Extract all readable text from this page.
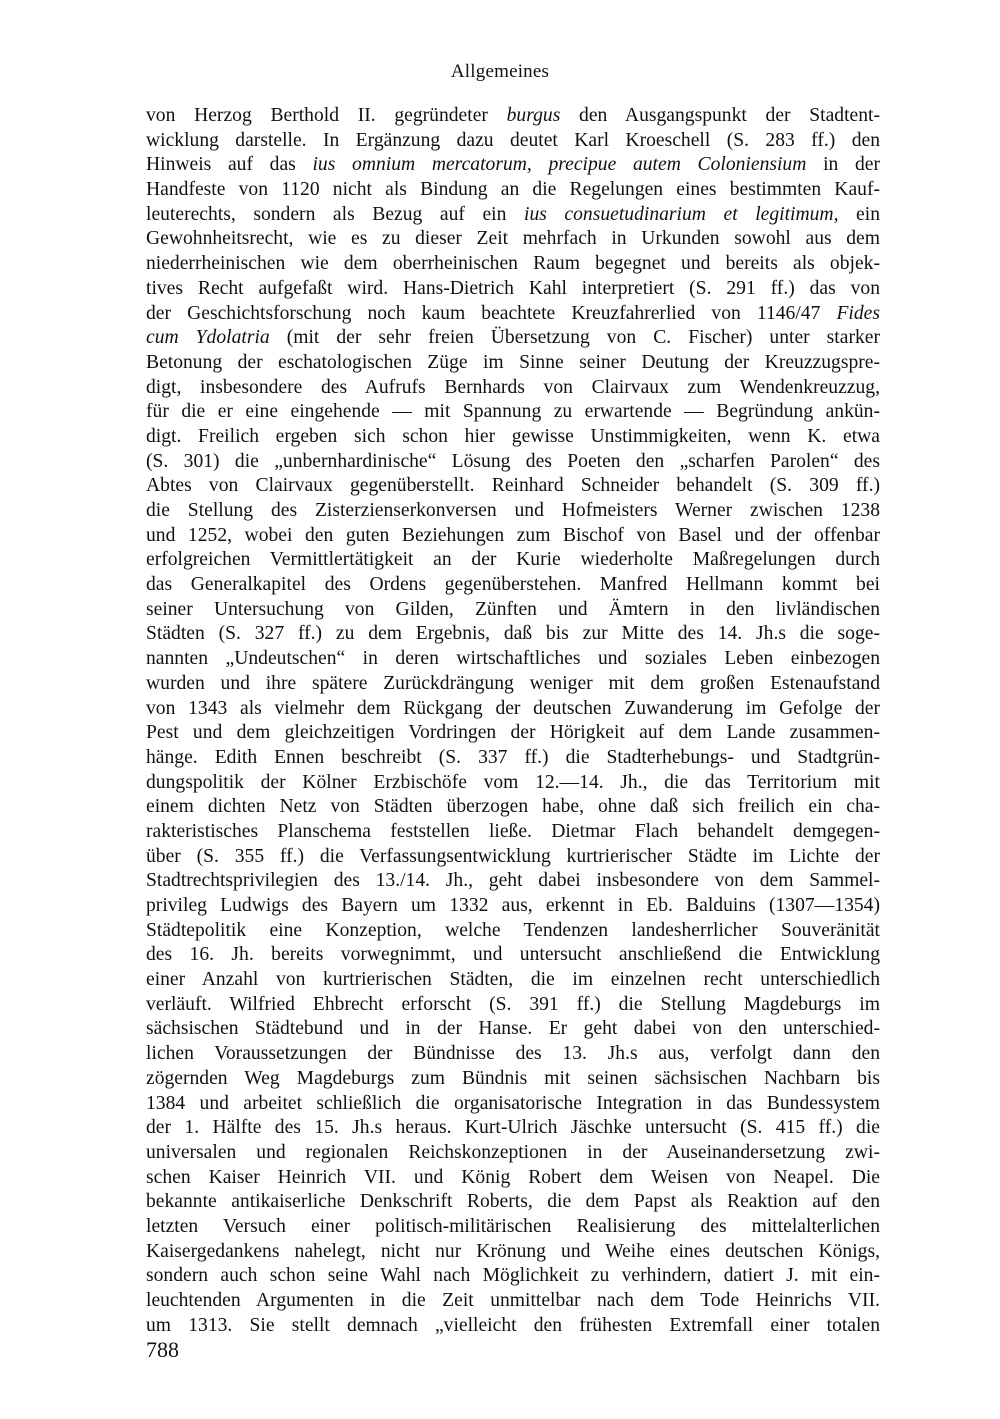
Allgemeines
von Herzog Berthold II. gegründeter burgus den Ausgangspunkt der Stadtent-
wicklung darstelle. In Ergänzung dazu deutet Karl Kroeschell (S. 283 ff.) den
Hinweis auf das ius omnium mercatorum, precipue autem Coloniensium in der
Handfeste von 1120 nicht als Bindung an die Regelungen eines bestimmten Kauf-
leuterechts, sondern als Bezug auf ein ius consuetudinarium et legitimum, ein
Gewohnheitsrecht, wie es zu dieser Zeit mehrfach in Urkunden sowohl aus dem
niederrheinischen wie dem oberrheinischen Raum begegnet und bereits als objek-
tives Recht aufgefaßt wird. Hans-Dietrich Kahl interpretiert (S. 291 ff.) das von
der Geschichtsforschung noch kaum beachtete Kreuzfahrerlied von 1146/47 Fides
cum Ydolatria (mit der sehr freien Übersetzung von C. Fischer) unter starker
Betonung der eschatologischen Züge im Sinne seiner Deutung der Kreuzzugspre-
digt, insbesondere des Aufrufs Bernhards von Clairvaux zum Wendenkreuzzug,
für die er eine eingehende — mit Spannung zu erwartende — Begründung ankün-
digt. Freilich ergeben sich schon hier gewisse Unstimmigkeiten, wenn K. etwa
(S. 301) die „unbernhardinische“ Lösung des Poeten den „scharfen Parolen“ des
Abtes von Clairvaux gegenüberstellt. Reinhard Schneider behandelt (S. 309 ff.)
die Stellung des Zisterzienserkonversen und Hofmeisters Werner zwischen 1238
und 1252, wobei den guten Beziehungen zum Bischof von Basel und der offenbar
erfolgreichen Vermittlertätigkeit an der Kurie wiederholte Maßregelungen durch
das Generalkapitel des Ordens gegenüberstehen. Manfred Hellmann kommt bei
seiner Untersuchung von Gilden, Zünften und Ämtern in den livländischen
Städten (S. 327 ff.) zu dem Ergebnis, daß bis zur Mitte des 14. Jh.s die soge-
nannten „Undeutschen“ in deren wirtschaftliches und soziales Leben einbezogen
wurden und ihre spätere Zurückdrängung weniger mit dem großen Estenaufstand
von 1343 als vielmehr dem Rückgang der deutschen Zuwanderung im Gefolge der
Pest und dem gleichzeitigen Vordringen der Hörigkeit auf dem Lande zusammen-
hänge. Edith Ennen beschreibt (S. 337 ff.) die Stadterhebungs- und Stadtgrün-
dungspolitik der Kölner Erzbischöfe vom 12.—14. Jh., die das Territorium mit
einem dichten Netz von Städten überzogen habe, ohne daß sich freilich ein cha-
rakteristisches Planschema feststellen ließe. Dietmar Flach behandelt demgegen-
über (S. 355 ff.) die Verfassungsentwicklung kurtrierischer Städte im Lichte der
Stadtrechtsprivilegien des 13./14. Jh., geht dabei insbesondere von dem Sammel-
privileg Ludwigs des Bayern um 1332 aus, erkennt in Eb. Balduins (1307—1354)
Städtepolitik eine Konzeption, welche Tendenzen landesherrlicher Souveränität
des 16. Jh. bereits vorwegnimmt, und untersucht anschließend die Entwicklung
einer Anzahl von kurtrierischen Städten, die im einzelnen recht unterschiedlich
verläuft. Wilfried Ehbrecht erforscht (S. 391 ff.) die Stellung Magdeburgs im
sächsischen Städtebund und in der Hanse. Er geht dabei von den unterschied-
lichen Voraussetzungen der Bündnisse des 13. Jh.s aus, verfolgt dann den
zögernden Weg Magdeburgs zum Bündnis mit seinen sächsischen Nachbarn bis
1384 und arbeitet schließlich die organisatorische Integration in das Bundessystem
der 1. Hälfte des 15. Jh.s heraus. Kurt-Ulrich Jäschke untersucht (S. 415 ff.) die
universalen und regionalen Reichskonzeptionen in der Auseinandersetzung zwi-
schen Kaiser Heinrich VII. und König Robert dem Weisen von Neapel. Die
bekannte antikaiserliche Denkschrift Roberts, die dem Papst als Reaktion auf den
letzten Versuch einer politisch-militärischen Realisierung des mittelalterlichen
Kaisergedankens nahelegt, nicht nur Krönung und Weihe eines deutschen Königs,
sondern auch schon seine Wahl nach Möglichkeit zu verhindern, datiert J. mit ein-
leuchtenden Argumenten in die Zeit unmittelbar nach dem Tode Heinrichs VII.
um 1313. Sie stellt demnach „vielleicht den frühesten Extremfall einer totalen
788
